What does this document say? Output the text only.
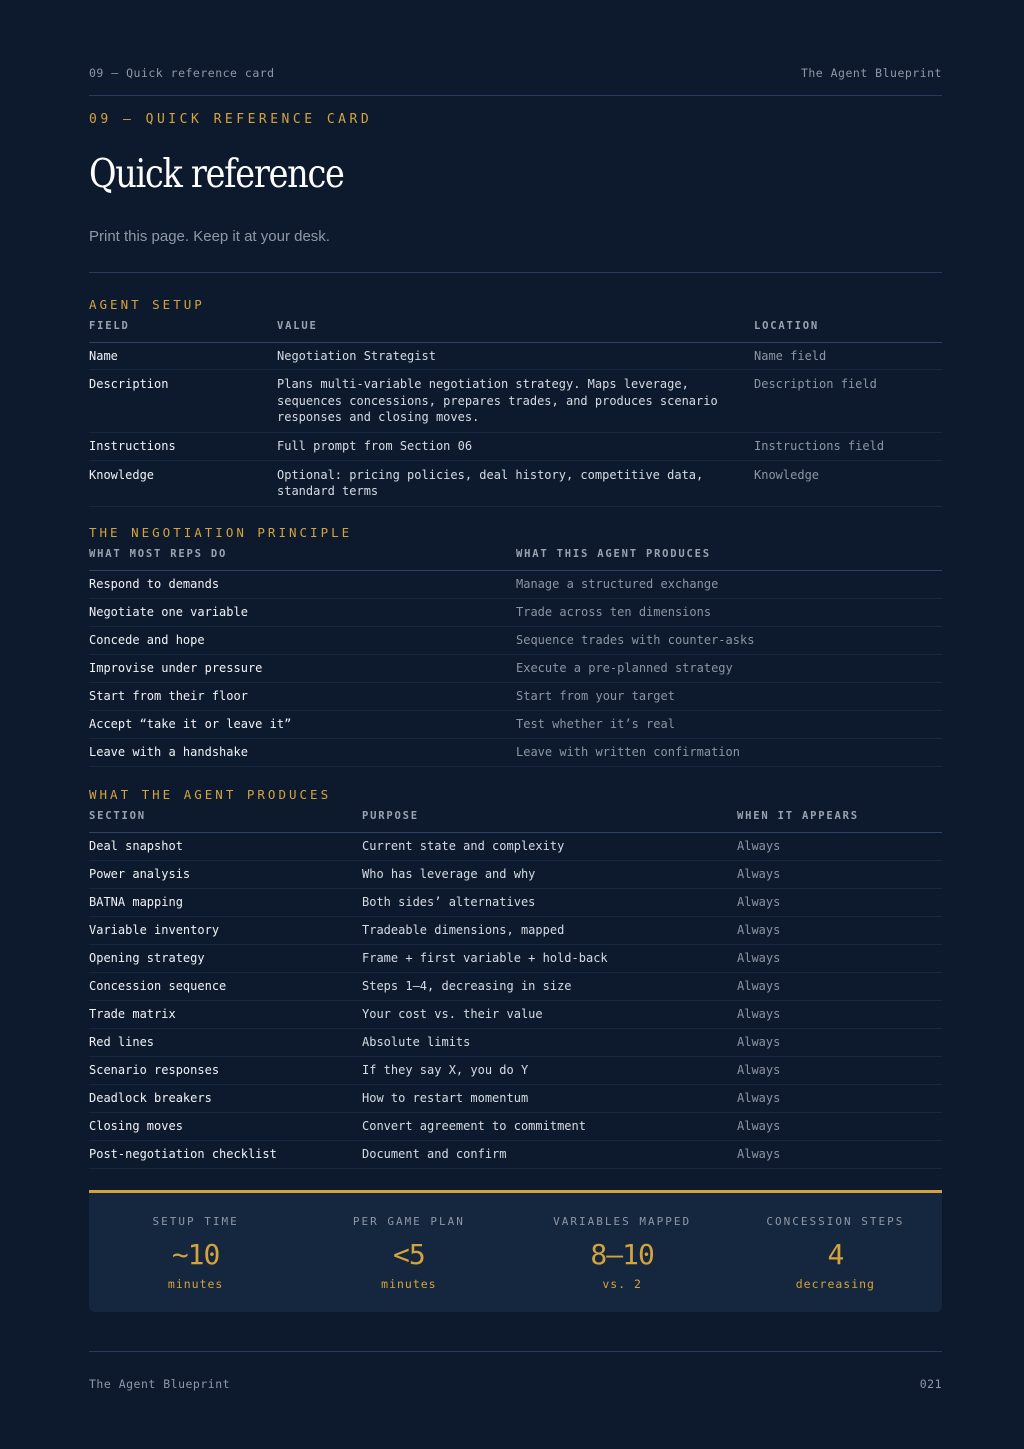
09 — Quick reference card	The Agent Blueprint
09 — QUICK REFERENCE CARD
Quick reference
Print this page. Keep it at your desk.
AGENT SETUP
FIELD	VALUE	LOCATION
Name	Negotiation Strategist	Name field
Description	Plans multi-variable negotiation strategy. Maps leverage, sequences concessions, prepares trades, and produces scenario responses and closing moves.	Description field
Instructions	Full prompt from Section 06	Instructions field
Knowledge	Optional: pricing policies, deal history, competitive data, standard terms	Knowledge
THE NEGOTIATION PRINCIPLE
WHAT MOST REPS DO	WHAT THIS AGENT PRODUCES
Respond to demands	Manage a structured exchange
Negotiate one variable	Trade across ten dimensions
Concede and hope	Sequence trades with counter-asks
Improvise under pressure	Execute a pre-planned strategy
Start from their floor	Start from your target
Accept “take it or leave it”	Test whether it’s real
Leave with a handshake	Leave with written confirmation
WHAT THE AGENT PRODUCES
SECTION	PURPOSE	WHEN IT APPEARS
Deal snapshot	Current state and complexity	Always
Power analysis	Who has leverage and why	Always
BATNA mapping	Both sides’ alternatives	Always
Variable inventory	Tradeable dimensions, mapped	Always
Opening strategy	Frame + first variable + hold-back	Always
Concession sequence	Steps 1–4, decreasing in size	Always
Trade matrix	Your cost vs. their value	Always
Red lines	Absolute limits	Always
Scenario responses	If they say X, you do Y	Always
Deadlock breakers	How to restart momentum	Always
Closing moves	Convert agreement to commitment	Always
Post-negotiation checklist	Document and confirm	Always
SETUP TIME
~10
minutes
PER GAME PLAN
<5
minutes
VARIABLES MAPPED
8–10
vs. 2
CONCESSION STEPS
4
decreasing
The Agent Blueprint	021
